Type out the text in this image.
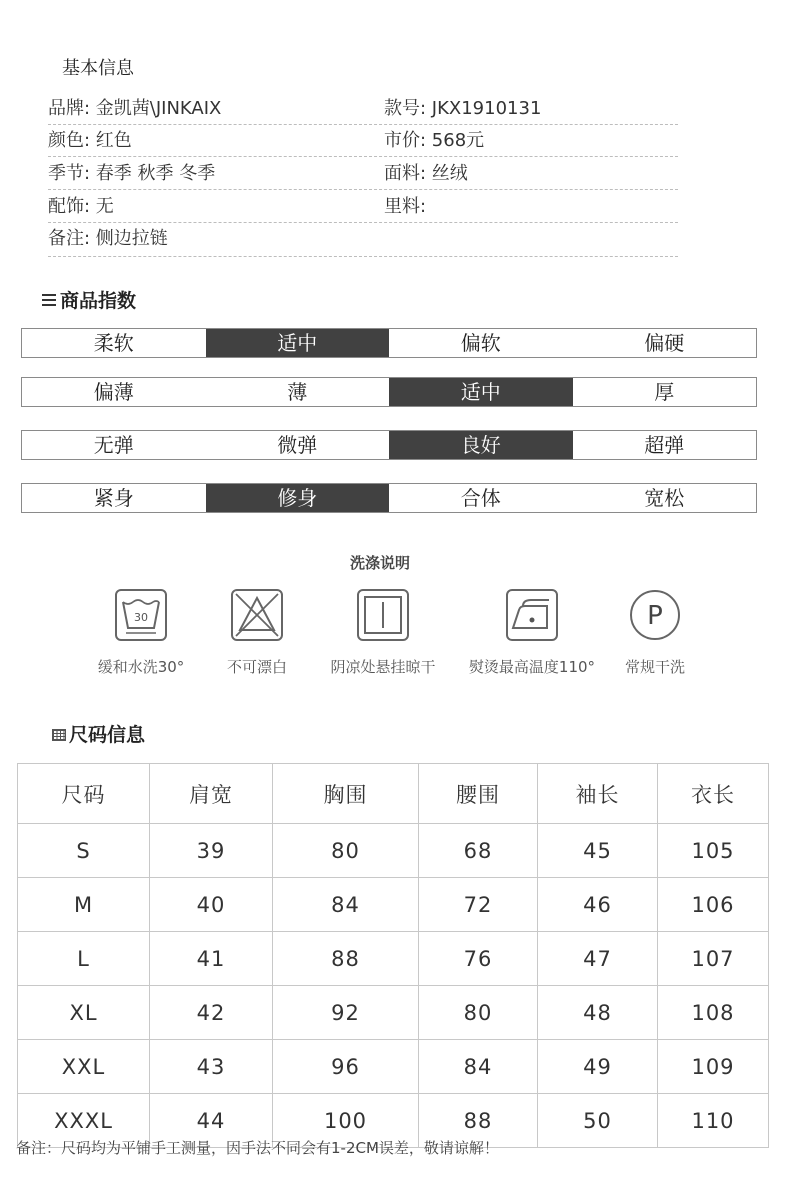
基本信息
品牌: 金凯茜\JINKAIX	款号: JKX1910131
颜色: 红色	市价: 568元
季节: 春季 秋季 冬季	面料: 丝绒
配饰: 无	里料:
备注: 侧边拉链
商品指数
柔软	适中	偏软	偏硬
偏薄	薄	适中	厚
无弹	微弹	良好	超弹
紧身	修身	合体	宽松
洗涤说明
30
缓和水洗30°	不可漂白	阴凉处悬挂晾干	熨烫最高温度110°
P
常规干洗
尺码信息
尺码	肩宽	胸围	腰围	袖长	衣长
S	39	80	68	45	105
M	40	84	72	46	106
L	41	88	76	47	107
XL	42	92	80	48	108
XXL	43	96	84	49	109
XXXL	44	100	88	50	110
备注：尺码均为平铺手工测量，因手法不同会有1-2CM误差，敬请谅解！
